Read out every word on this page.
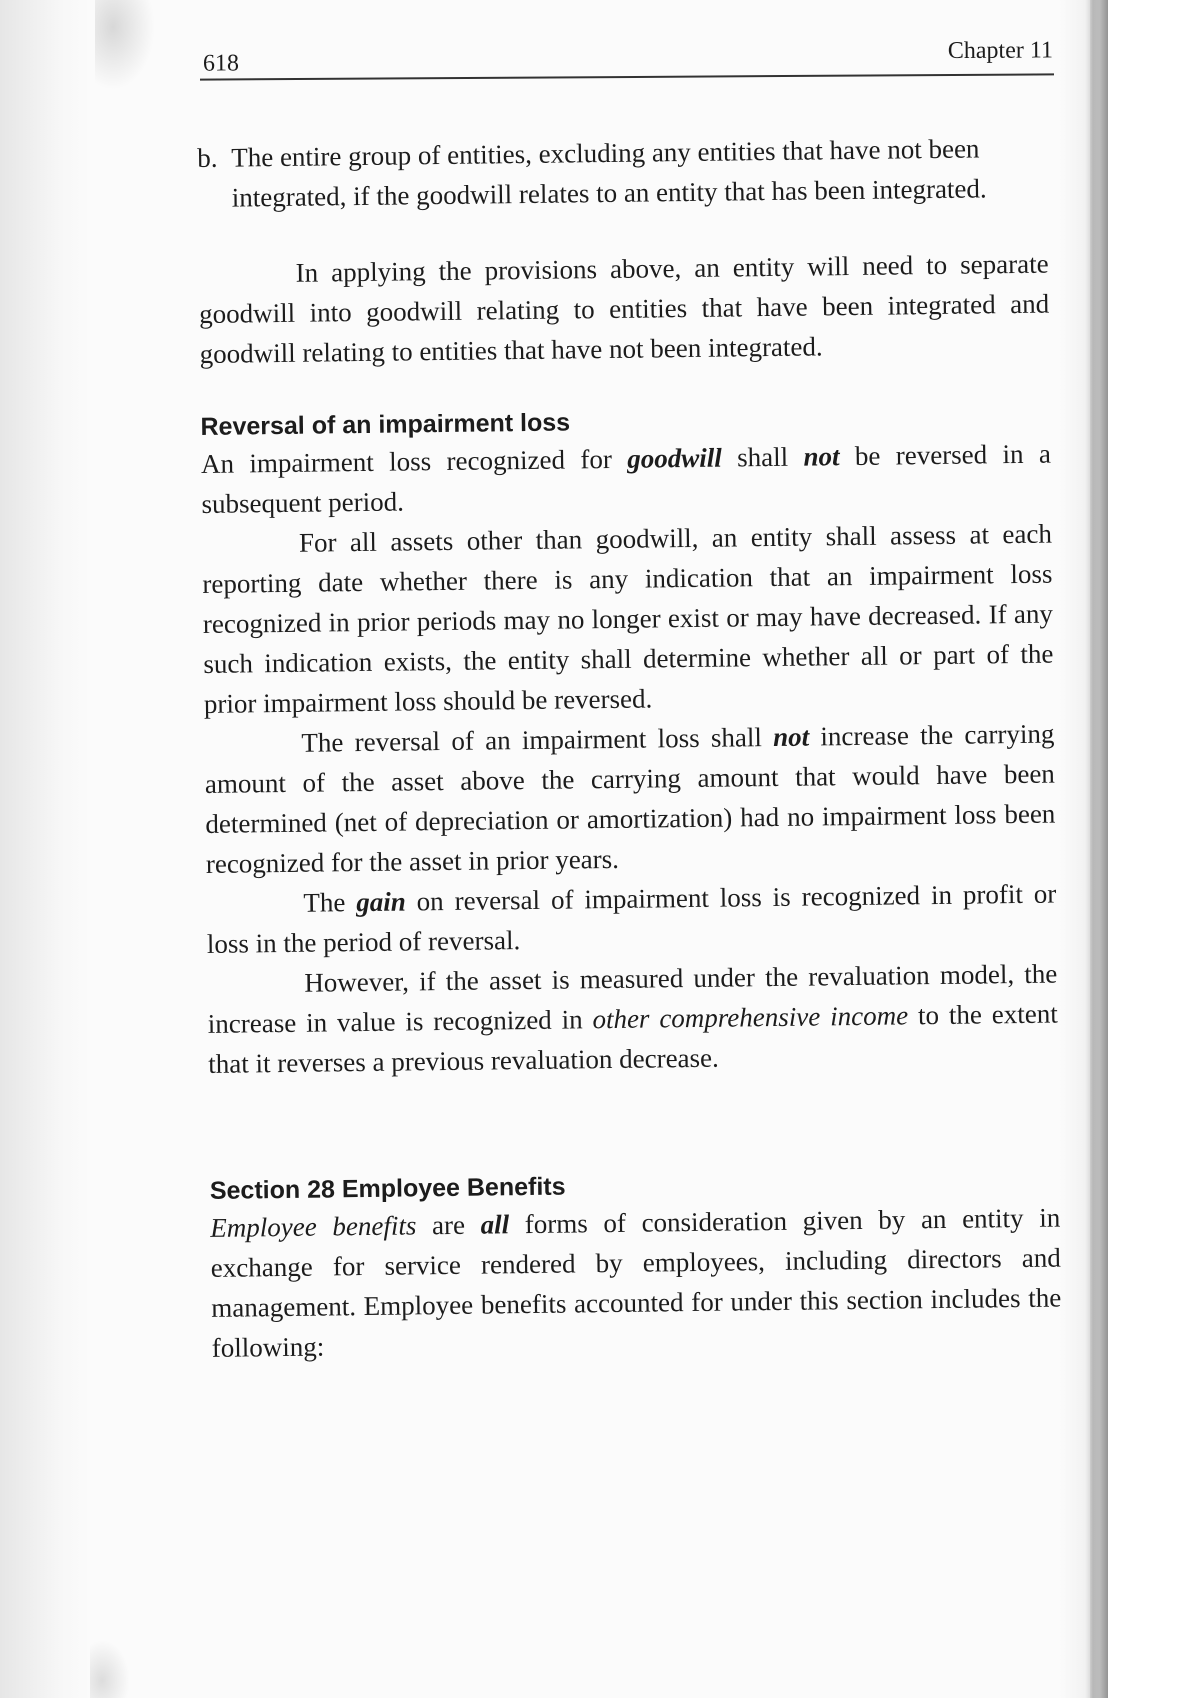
618	Chapter 11
b. The entire group of entities, excluding any entities that have not been integrated, if the goodwill relates to an entity that has been integrated.

In applying the provisions above, an entity will need to separate goodwill into goodwill relating to entities that have been integrated and goodwill relating to entities that have not been integrated.

Reversal of an impairment loss

An impairment loss recognized for goodwill shall not be reversed in a subsequent period.

For all assets other than goodwill, an entity shall assess at each reporting date whether there is any indication that an impairment loss recognized in prior periods may no longer exist or may have decreased. If any such indication exists, the entity shall determine whether all or part of the prior impairment loss should be reversed.

The reversal of an impairment loss shall not increase the carrying amount of the asset above the carrying amount that would have been determined (net of depreciation or amortization) had no impairment loss been recognized for the asset in prior years.

The gain on reversal of impairment loss is recognized in profit or loss in the period of reversal.

However, if the asset is measured under the revaluation model, the increase in value is recognized in other comprehensive income to the extent that it reverses a previous revaluation decrease.

Section 28 Employee Benefits

Employee benefits are all forms of consideration given by an entity in exchange for service rendered by employees, including directors and management. Employee benefits accounted for under this section includes the following:
